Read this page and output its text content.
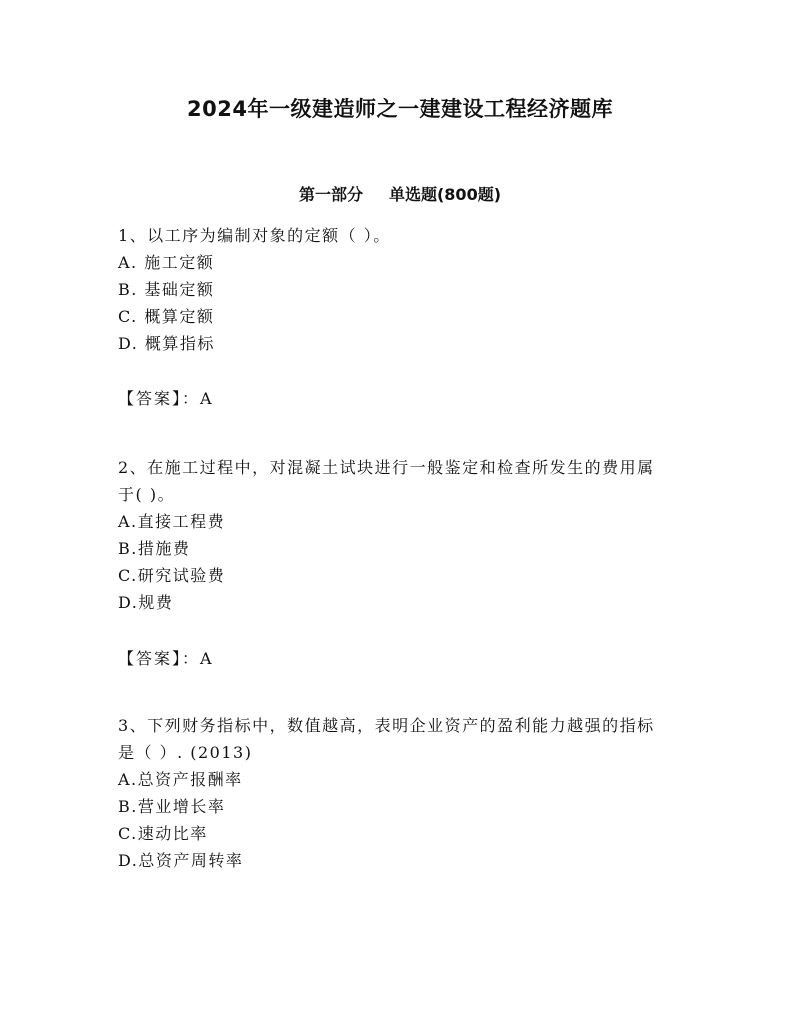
2024年一级建造师之一建建设工程经济题库
第一部分 单选题(800题)
1、以工序为编制对象的定额（ ）。
A. 施工定额
B. 基础定额
C. 概算定额
D. 概算指标
【答案】：A
2、在施工过程中，对混凝土试块进行一般鉴定和检查所发生的费用属
于( )。
A.直接工程费
B.措施费
C.研究试验费
D.规费
【答案】：A
3、下列财务指标中，数值越高，表明企业资产的盈利能力越强的指标
是（ ）. (2013)
A.总资产报酬率
B.营业增长率
C.速动比率
D.总资产周转率
